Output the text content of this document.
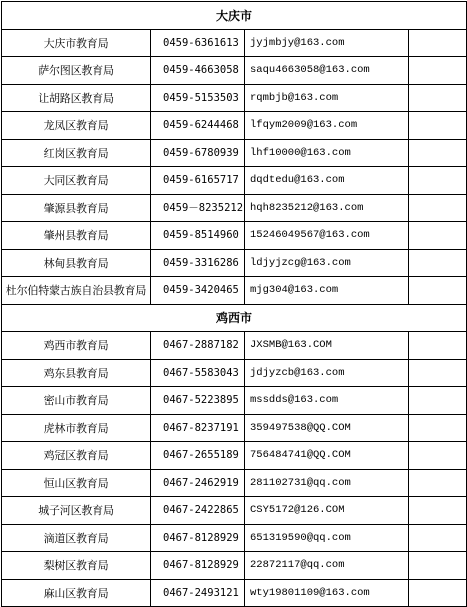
大庆市			
大庆市教育局	0459-6361613	jyjmbjy@163.com	
萨尔图区教育局	0459-4663058	saqu4663058@163.com	
让胡路区教育局	0459-5153503	rqmbjb@163.com	
龙凤区教育局	0459-6244468	lfqym2009@163.com	
红岗区教育局	0459-6780939	lhf10000@163.com	
大同区教育局	0459-6165717	dqdtedu@163.com	
肇源县教育局	0459－8235212	hqh8235212@163.com	
肇州县教育局	0459-8514960	15246049567@163.com	
林甸县教育局	0459-3316286	ldjyjzcg@163.com	
杜尔伯特蒙古族自治县教育局	0459-3420465	mjg304@163.com	
鸡西市			
鸡西市教育局	0467-2887182	JXSMB@163.COM	
鸡东县教育局	0467-5583043	jdjyzcb@163.com	
密山市教育局	0467-5223895	mssdds@163.com	
虎林市教育局	0467-8237191	359497538@QQ.COM	
鸡冠区教育局	0467-2655189	756484741@QQ.COM	
恒山区教育局	0467-2462919	281102731@qq.com	
城子河区教育局	0467-2422865	CSY5172@126.COM	
滴道区教育局	0467-8128929	651319590@qq.com	
梨树区教育局	0467-8128929	22872117@qq.com	
麻山区教育局	0467-2493121	wty19801109@163.com	
